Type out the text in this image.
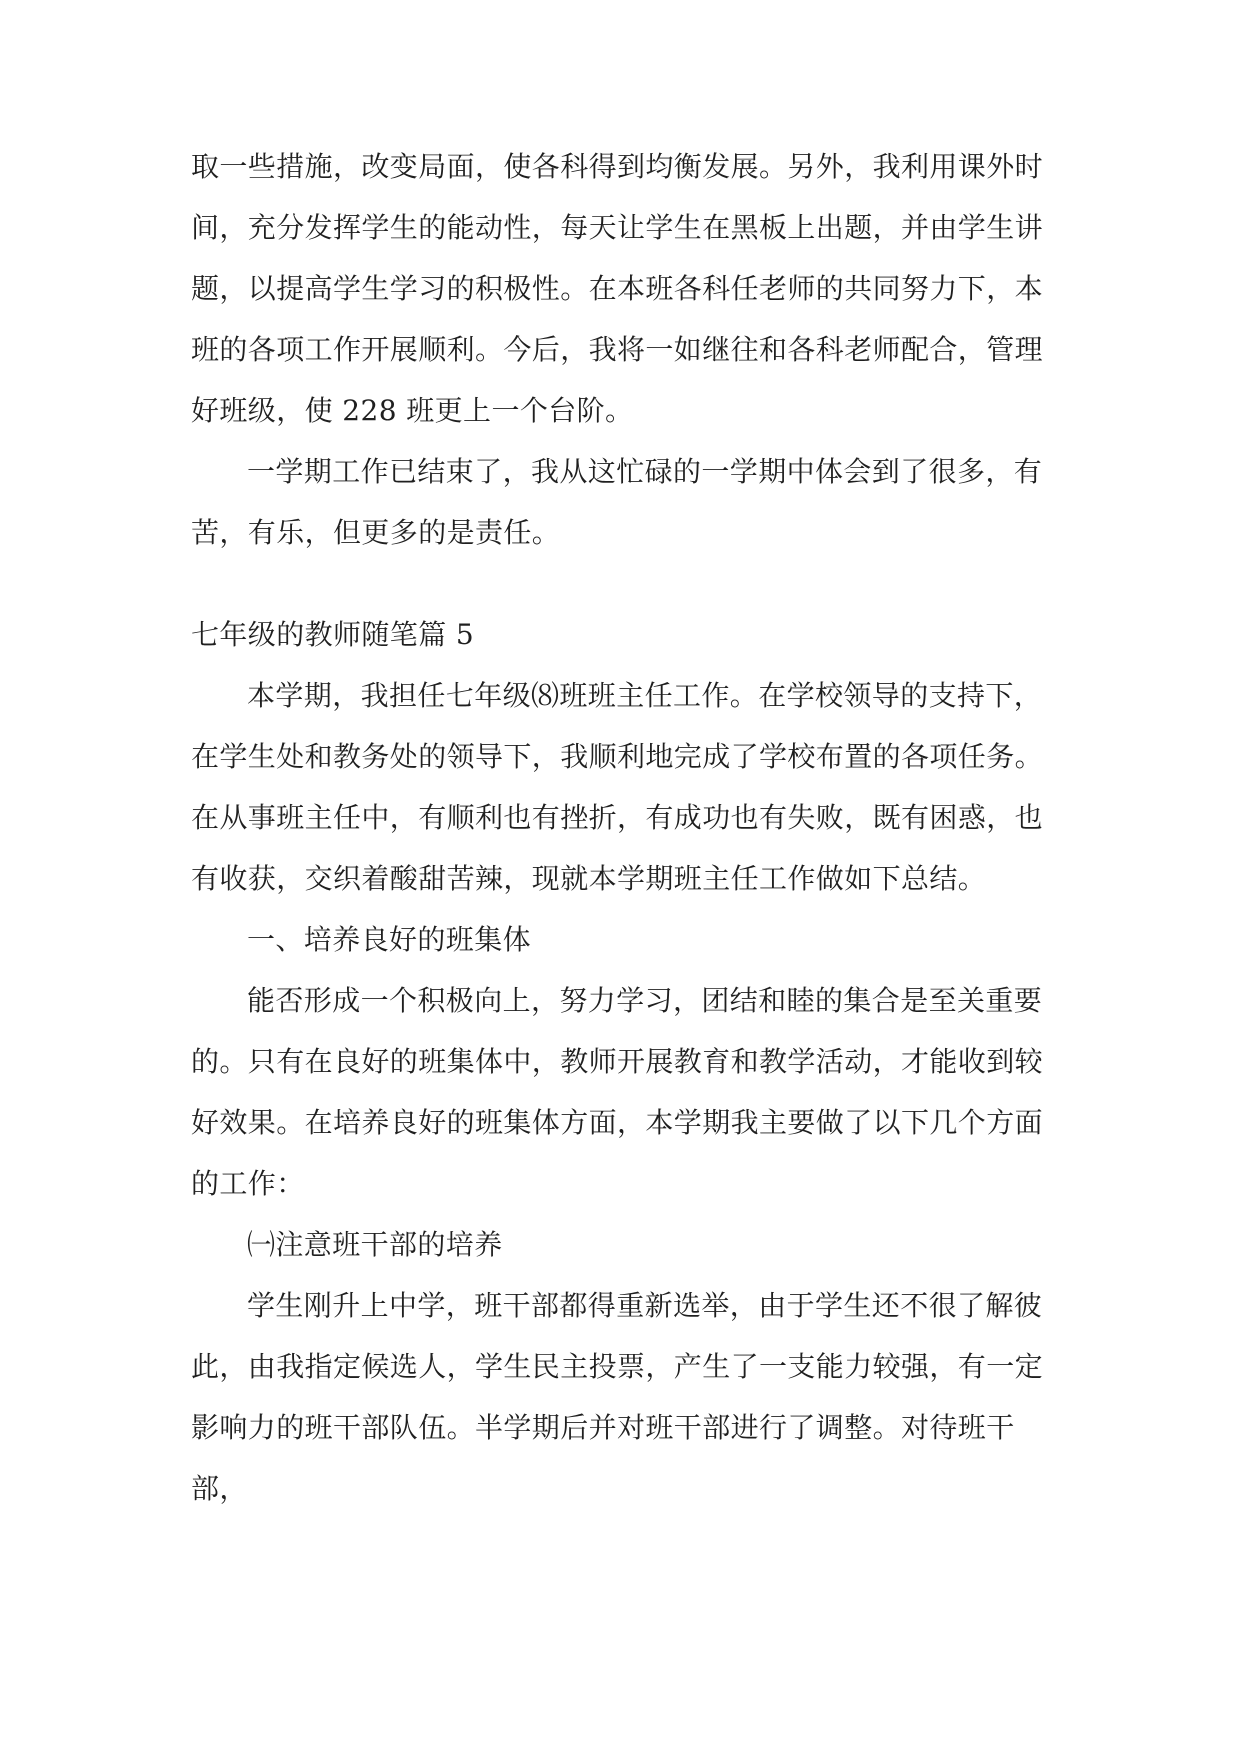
取一些措施，改变局面，使各科得到均衡发展。另外，我利用课外时间，充分发挥学生的能动性，每天让学生在黑板上出题，并由学生讲题，以提高学生学习的积极性。在本班各科任老师的共同努力下，本班的各项工作开展顺利。今后，我将一如继往和各科老师配合，管理好班级，使 228 班更上一个台阶。

一学期工作已结束了，我从这忙碌的一学期中体会到了很多，有苦，有乐，但更多的是责任。

七年级的教师随笔篇 5

本学期，我担任七年级⑻班班主任工作。在学校领导的支持下，在学生处和教务处的领导下，我顺利地完成了学校布置的各项任务。在从事班主任中，有顺利也有挫折，有成功也有失败，既有困惑，也有收获，交织着酸甜苦辣，现就本学期班主任工作做如下总结。

一、培养良好的班集体

能否形成一个积极向上，努力学习，团结和睦的集合是至关重要的。只有在良好的班集体中，教师开展教育和教学活动，才能收到较好效果。在培养良好的班集体方面，本学期我主要做了以下几个方面的工作：

㈠注意班干部的培养

学生刚升上中学，班干部都得重新选举，由于学生还不很了解彼此，由我指定候选人，学生民主投票，产生了一支能力较强，有一定影响力的班干部队伍。半学期后并对班干部进行了调整。对待班干部，
